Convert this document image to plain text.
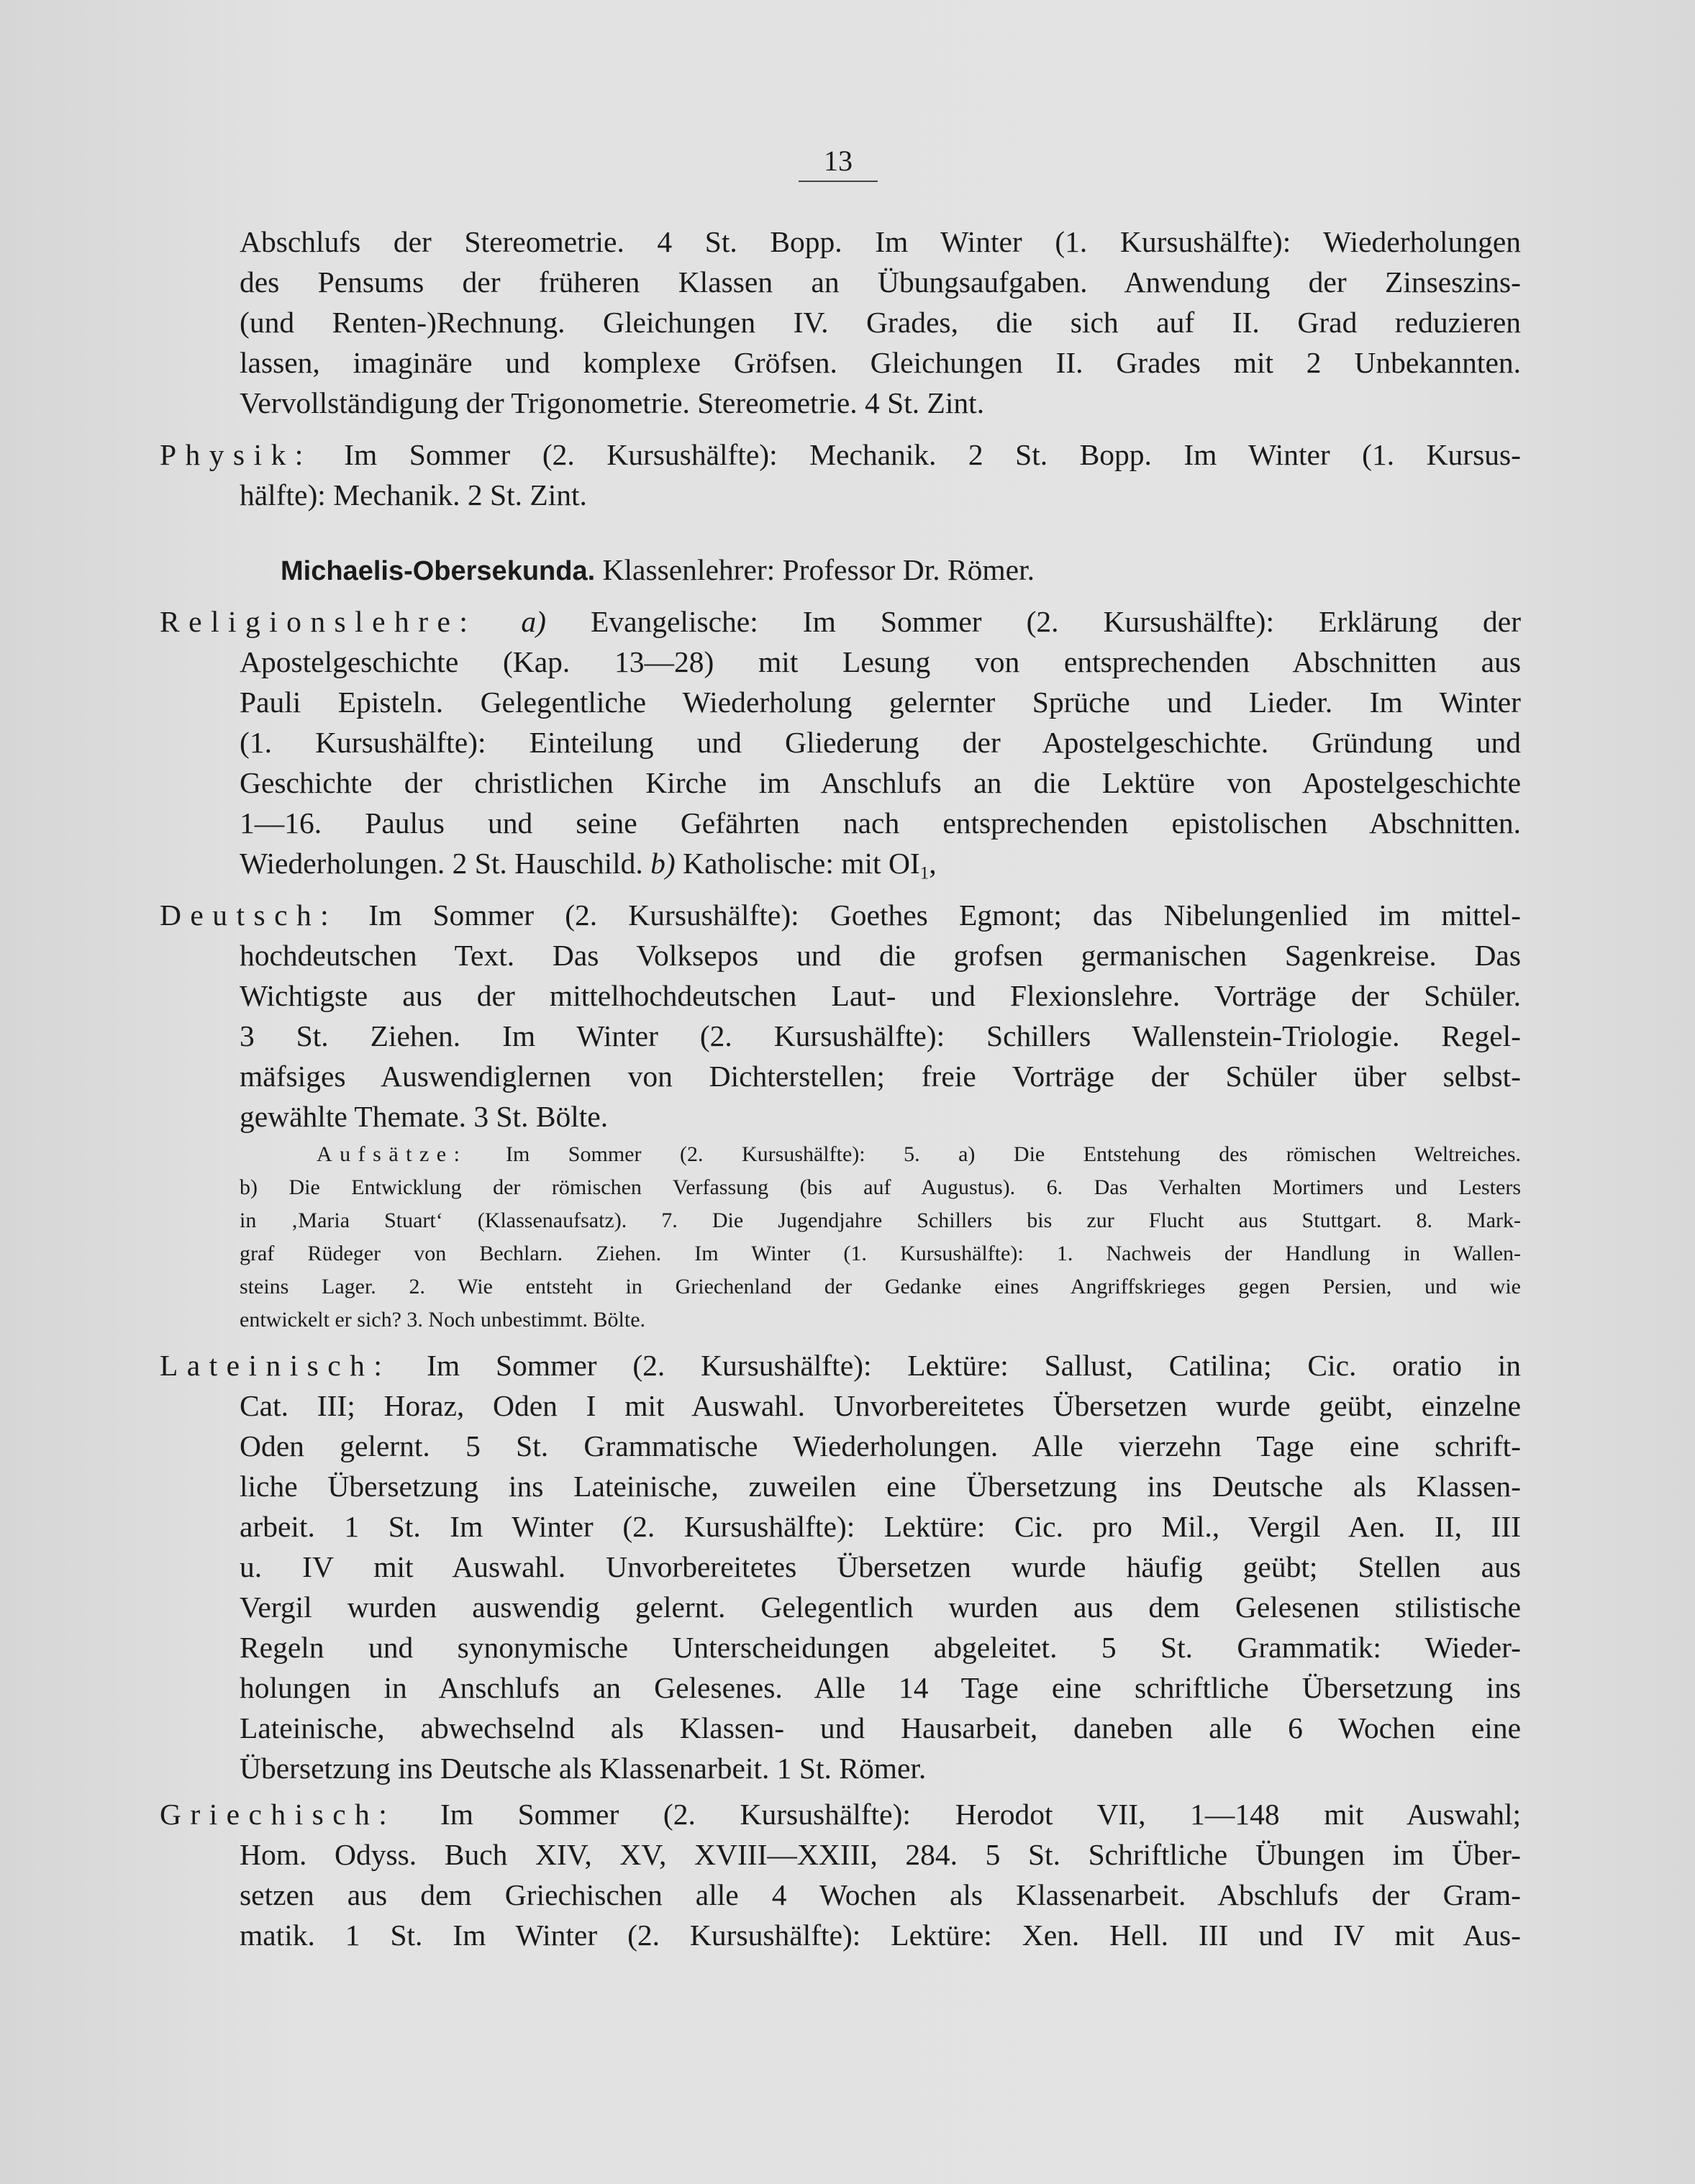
13
Abschlufs der Stereometrie. 4 St. Bopp. Im Winter (1. Kursushälfte): Wiederholungen
des Pensums der früheren Klassen an Übungsaufgaben. Anwendung der Zinseszins-
(und Renten-)Rechnung. Gleichungen IV. Grades, die sich auf II. Grad reduzieren
lassen, imaginäre und komplexe Gröfsen. Gleichungen II. Grades mit 2 Unbekannten.
Vervollständigung der Trigonometrie. Stereometrie. 4 St. Zint.
Physik: Im Sommer (2. Kursushälfte): Mechanik. 2 St. Bopp. Im Winter (1. Kursus-
hälfte): Mechanik. 2 St. Zint.
Michaelis-Obersekunda. Klassenlehrer: Professor Dr. Römer.
Religionslehre: a) Evangelische: Im Sommer (2. Kursushälfte): Erklärung der
Apostelgeschichte (Kap. 13—28) mit Lesung von entsprechenden Abschnitten aus
Pauli Episteln. Gelegentliche Wiederholung gelernter Sprüche und Lieder. Im Winter
(1. Kursushälfte): Einteilung und Gliederung der Apostelgeschichte. Gründung und
Geschichte der christlichen Kirche im Anschlufs an die Lektüre von Apostelgeschichte
1—16. Paulus und seine Gefährten nach entsprechenden epistolischen Abschnitten.
Wiederholungen. 2 St. Hauschild. b) Katholische: mit $OI_1$,
Deutsch: Im Sommer (2. Kursushälfte): Goethes Egmont; das Nibelungenlied im mittel-
hochdeutschen Text. Das Volksepos und die grofsen germanischen Sagenkreise. Das
Wichtigste aus der mittelhochdeutschen Laut- und Flexionslehre. Vorträge der Schüler.
3 St. Ziehen. Im Winter (2. Kursushälfte): Schillers Wallenstein-Triologie. Regel-
mäfsiges Auswendiglernen von Dichterstellen; freie Vorträge der Schüler über selbst-
gewählte Themate. 3 St. Bölte.
Aufsätze: Im Sommer (2. Kursushälfte): 5. a) Die Entstehung des römischen Weltreiches.
b) Die Entwicklung der römischen Verfassung (bis auf Augustus). 6. Das Verhalten Mortimers und Lesters
in ‚Maria Stuart‘ (Klassenaufsatz). 7. Die Jugendjahre Schillers bis zur Flucht aus Stuttgart. 8. Mark-
graf Rüdeger von Bechlarn. Ziehen. Im Winter (1. Kursushälfte): 1. Nachweis der Handlung in Wallen-
steins Lager. 2. Wie entsteht in Griechenland der Gedanke eines Angriffskrieges gegen Persien, und wie
entwickelt er sich? 3. Noch unbestimmt. Bölte.
Lateinisch: Im Sommer (2. Kursushälfte): Lektüre: Sallust, Catilina; Cic. oratio in
Cat. III; Horaz, Oden I mit Auswahl. Unvorbereitetes Übersetzen wurde geübt, einzelne
Oden gelernt. 5 St. Grammatische Wiederholungen. Alle vierzehn Tage eine schrift-
liche Übersetzung ins Lateinische, zuweilen eine Übersetzung ins Deutsche als Klassen-
arbeit. 1 St. Im Winter (2. Kursushälfte): Lektüre: Cic. pro Mil., Vergil Aen. II, III
u. IV mit Auswahl. Unvorbereitetes Übersetzen wurde häufig geübt; Stellen aus
Vergil wurden auswendig gelernt. Gelegentlich wurden aus dem Gelesenen stilistische
Regeln und synonymische Unterscheidungen abgeleitet. 5 St. Grammatik: Wieder-
holungen in Anschlufs an Gelesenes. Alle 14 Tage eine schriftliche Übersetzung ins
Lateinische, abwechselnd als Klassen- und Hausarbeit, daneben alle 6 Wochen eine
Übersetzung ins Deutsche als Klassenarbeit. 1 St. Römer.
Griechisch: Im Sommer (2. Kursushälfte): Herodot VII, 1—148 mit Auswahl;
Hom. Odyss. Buch XIV, XV, XVIII—XXIII, 284. 5 St. Schriftliche Übungen im Über-
setzen aus dem Griechischen alle 4 Wochen als Klassenarbeit. Abschlufs der Gram-
matik. 1 St. Im Winter (2. Kursushälfte): Lektüre: Xen. Hell. III und IV mit Aus-
